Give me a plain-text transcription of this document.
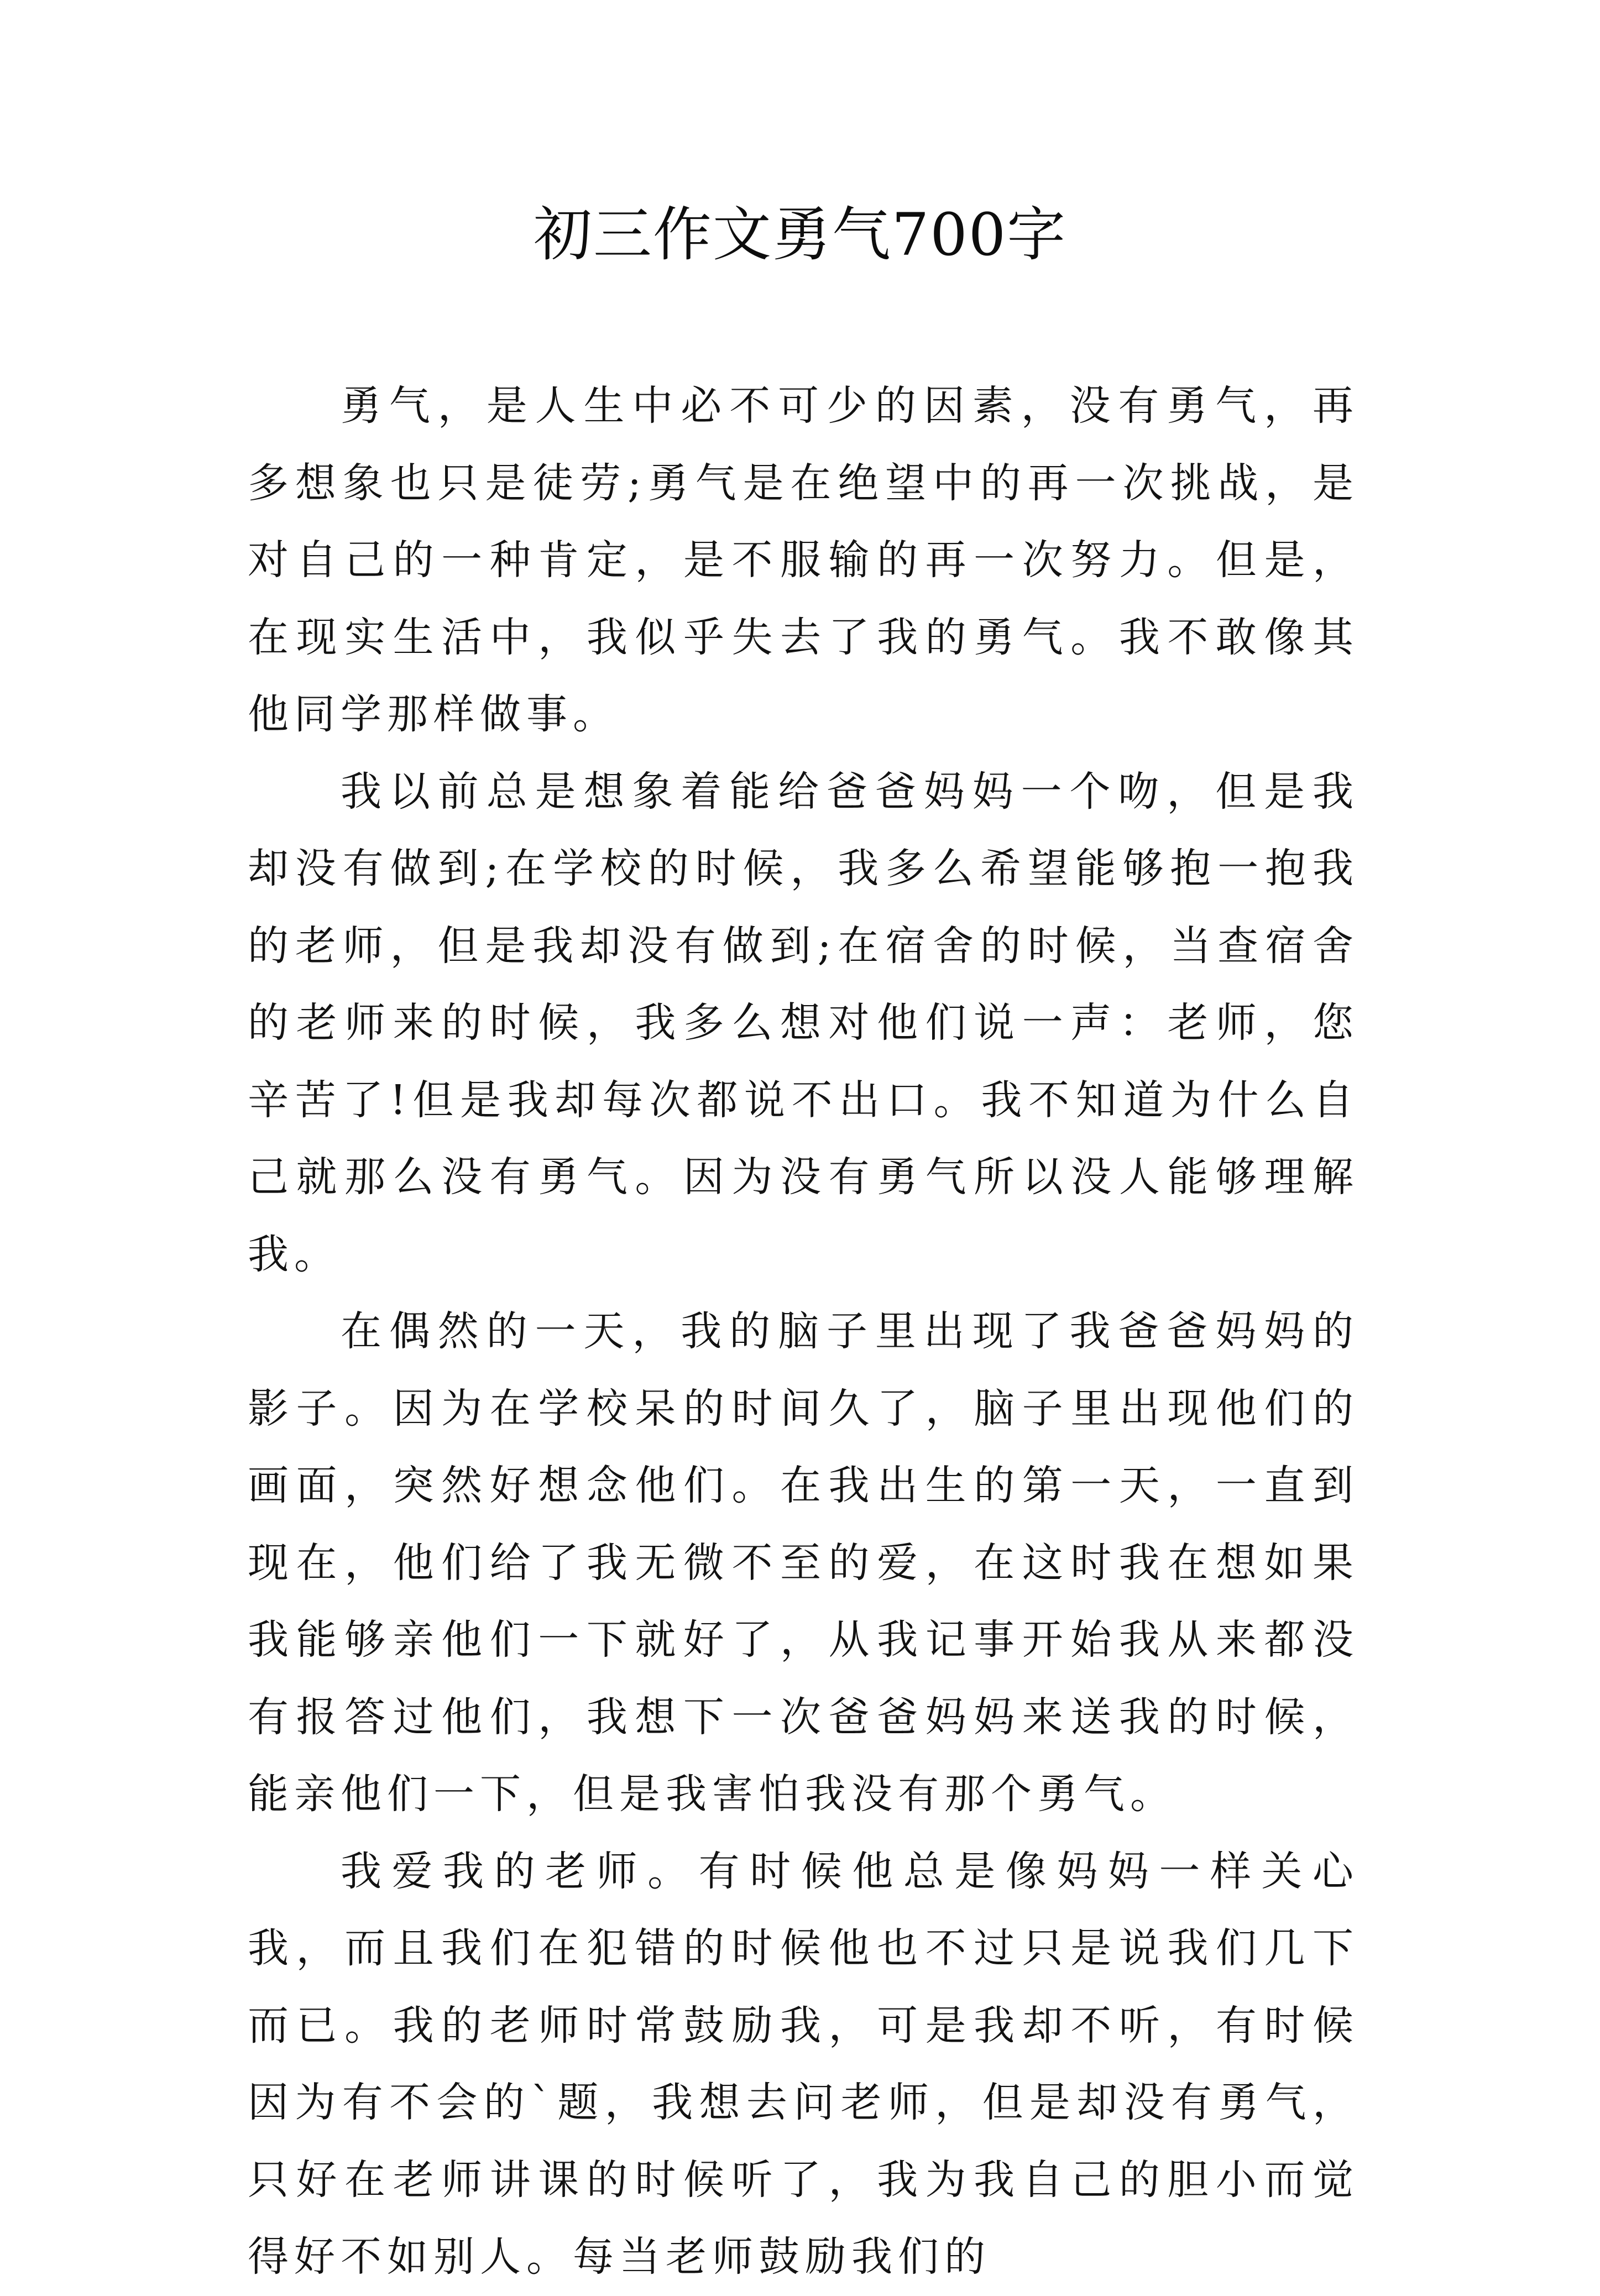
初三作文勇气700字

勇气，是人生中必不可少的因素，没有勇气，再多想象也只是徒劳;勇气是在绝望中的再一次挑战，是对自己的一种肯定，是不服输的再一次努力。但是，在现实生活中，我似乎失去了我的勇气。我不敢像其他同学那样做事。

我以前总是想象着能给爸爸妈妈一个吻，但是我却没有做到;在学校的时候，我多么希望能够抱一抱我的老师，但是我却没有做到;在宿舍的时候，当查宿舍的老师来的时候，我多么想对他们说一声：老师，您辛苦了!但是我却每次都说不出口。我不知道为什么自己就那么没有勇气。因为没有勇气所以没人能够理解我。

在偶然的一天，我的脑子里出现了我爸爸妈妈的影子。因为在学校呆的时间久了，脑子里出现他们的画面，突然好想念他们。在我出生的第一天，一直到现在，他们给了我无微不至的爱，在这时我在想如果我能够亲他们一下就好了，从我记事开始我从来都没有报答过他们，我想下一次爸爸妈妈来送我的时候，能亲他们一下，但是我害怕我没有那个勇气。

我爱我的老师。有时候他总是像妈妈一样关心我，而且我们在犯错的时候他也不过只是说我们几下而已。我的老师时常鼓励我，可是我却不听，有时候因为有不会的`题，我想去问老师，但是却没有勇气，只好在老师讲课的时候听了，我为我自己的胆小而觉得好不如别人。每当老师鼓励我们的
